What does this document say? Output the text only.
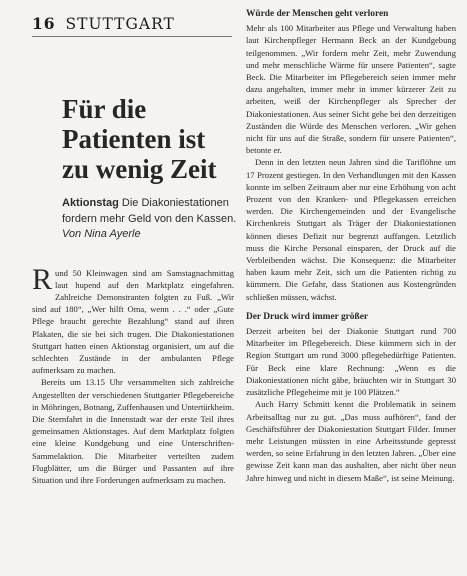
16 STUTTGART
Für die Patienten ist zu wenig Zeit
Aktionstag Die Diakoniestationen fordern mehr Geld von den Kassen. Von Nina Ayerle

Rund 50 Kleinwagen sind am Samstagnachmittag laut hupend auf den Marktplatz eingefahren. Zahlreiche Demonstranten folgten zu Fuß. „Wir sind auf 180“, „Wer hilft Oma, wenn . . .“ oder „Gute Pflege braucht gerechte Bezahlung“ stand auf ihren Plakaten, die sie bei sich trugen. Die Diakoniestationen Stuttgart hatten einen Aktionstag organisiert, um auf die schlechten Zustände in der ambulanten Pflege aufmerksam zu machen.

Bereits um 13.15 Uhr versammelten sich zahlreiche Angestellten der verschiedenen Stuttgarter Pflegebereiche in Möhringen, Botnang, Zuffenhausen und Untertürkheim. Die Sternfahrt in die Innenstadt war der erste Teil ihres gemeinsamen Aktionstages. Auf dem Marktplatz folgten eine kleine Kundgebung und eine Unterschriften-Sammelaktion. Die Mitarbeiter verteilten zudem Flugblätter, um die Bürger und Passanten auf ihre Situation und ihre Forderungen aufmerksam zu machen.

Würde der Menschen geht verloren

Mehr als 100 Mitarbeiter aus Pflege und Verwaltung haben laut Kirchenpfleger Hermann Beck an der Kundgebung teilgenommen. „Wir fordern mehr Zeit, mehr Zuwendung und mehr menschliche Wärme für unsere Patienten“, sagte Beck. Die Mitarbeiter im Pflegebereich seien immer mehr dazu angehalten, immer mehr in immer kürzerer Zeit zu arbeiten, weiß der Kirchenpfleger als Sprecher der Diakoniestationen. Aus seiner Sicht gehe bei den derzeitigen Zuständen die Würde des Menschen verloren. „Wir gehen nicht für uns auf die Straße, sondern für unsere Patienten“, betonte er.

Denn in den letzten neun Jahren sind die Tariflöhne um 17 Prozent gestiegen. In den Verhandlungen mit den Kassen konnte im selben Zeitraum aber nur eine Erhöhung von acht Prozent von den Kranken- und Pflegekassen erreichen werden. Die Kirchengemeinden und der Evangelische Kirchenkreis Stuttgart als Träger der Diakoniestationen können dieses Defizit nur begrenzt auffangen. Letztlich muss die Kirche Personal einsparen, der Druck auf die Verbleibenden wächst. Die Konsequenz: die Mitarbeiter haben kaum mehr Zeit, sich um die Patienten richtig zu kümmern. Die Gefahr, dass Stationen aus Kostengründen schließen müssen, wächst.

Der Druck wird immer größer

Derzeit arbeiten bei der Diakonie Stuttgart rund 700 Mitarbeiter im Pflegebereich. Diese kümmern sich in der Region Stuttgart um rund 3000 pflegebedürftige Patienten. Für Beck eine klare Rechnung: „Wenn es die Diakoniestationen nicht gäbe, bräuchten wir in Stuttgart 30 zusätzliche Pflegeheime mit je 100 Plätzen.“

Auch Harry Schmitt kennt die Problematik in seinem Arbeitsalltag nur zu gut. „Das muss aufhören“, fand der Geschäftsführer der Diakoniestation Stuttgart Filder. Immer mehr Leistungen müssten in eine Arbeitsstunde gepresst werden, so seine Erfahrung in den letzten Jahren. „Über eine gewisse Zeit kann man das aushalten, aber nicht über neun Jahre hinweg und nicht in diesem Maße“, ist seine Meinung.
